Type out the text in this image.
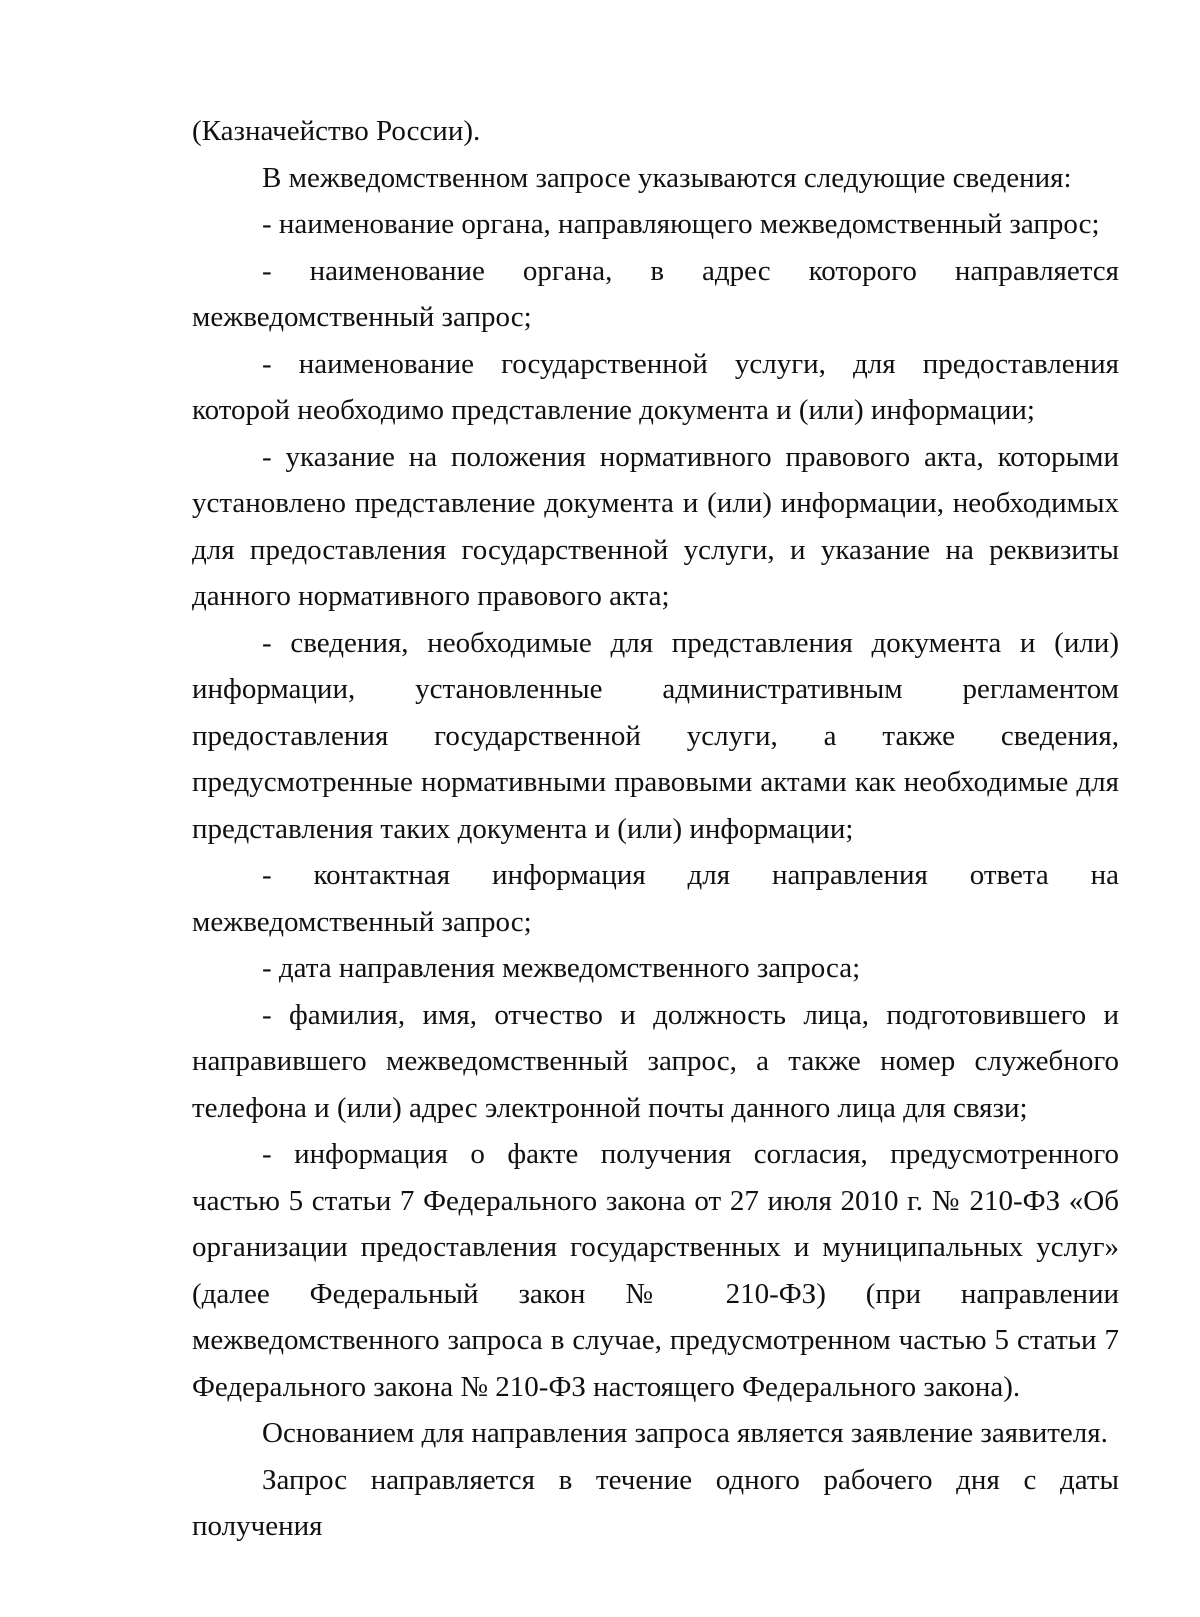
(Казначейство России).

В межведомственном запросе указываются следующие сведения:

- наименование органа, направляющего межведомственный запрос;

- наименование органа, в адрес которого направляется межведомственный запрос;

- наименование государственной услуги, для предоставления которой необходимо представление документа и (или) информации;

- указание на положения нормативного правового акта, которыми установлено представление документа и (или) информации, необходимых для предоставления государственной услуги, и указание на реквизиты данного нормативного правового акта;

- сведения, необходимые для представления документа и (или) информации, установленные административным регламентом предоставления государственной услуги, а также сведения, предусмотренные нормативными правовыми актами как необходимые для представления таких документа и (или) информации;

- контактная информация для направления ответа на межведомственный запрос;

- дата направления межведомственного запроса;

- фамилия, имя, отчество и должность лица, подготовившего и направившего межведомственный запрос, а также номер служебного телефона и (или) адрес электронной почты данного лица для связи;

- информация о факте получения согласия, предусмотренного частью 5 статьи 7 Федерального закона от 27 июля 2010 г. № 210-ФЗ «Об организации предоставления государственных и муниципальных услуг» (далее Федеральный закон № 210-ФЗ) (при направлении межведомственного запроса в случае, предусмотренном частью 5 статьи 7 Федерального закона № 210-ФЗ настоящего Федерального закона).

Основанием для направления запроса является заявление заявителя.

Запрос направляется в течение одного рабочего дня с даты получения
